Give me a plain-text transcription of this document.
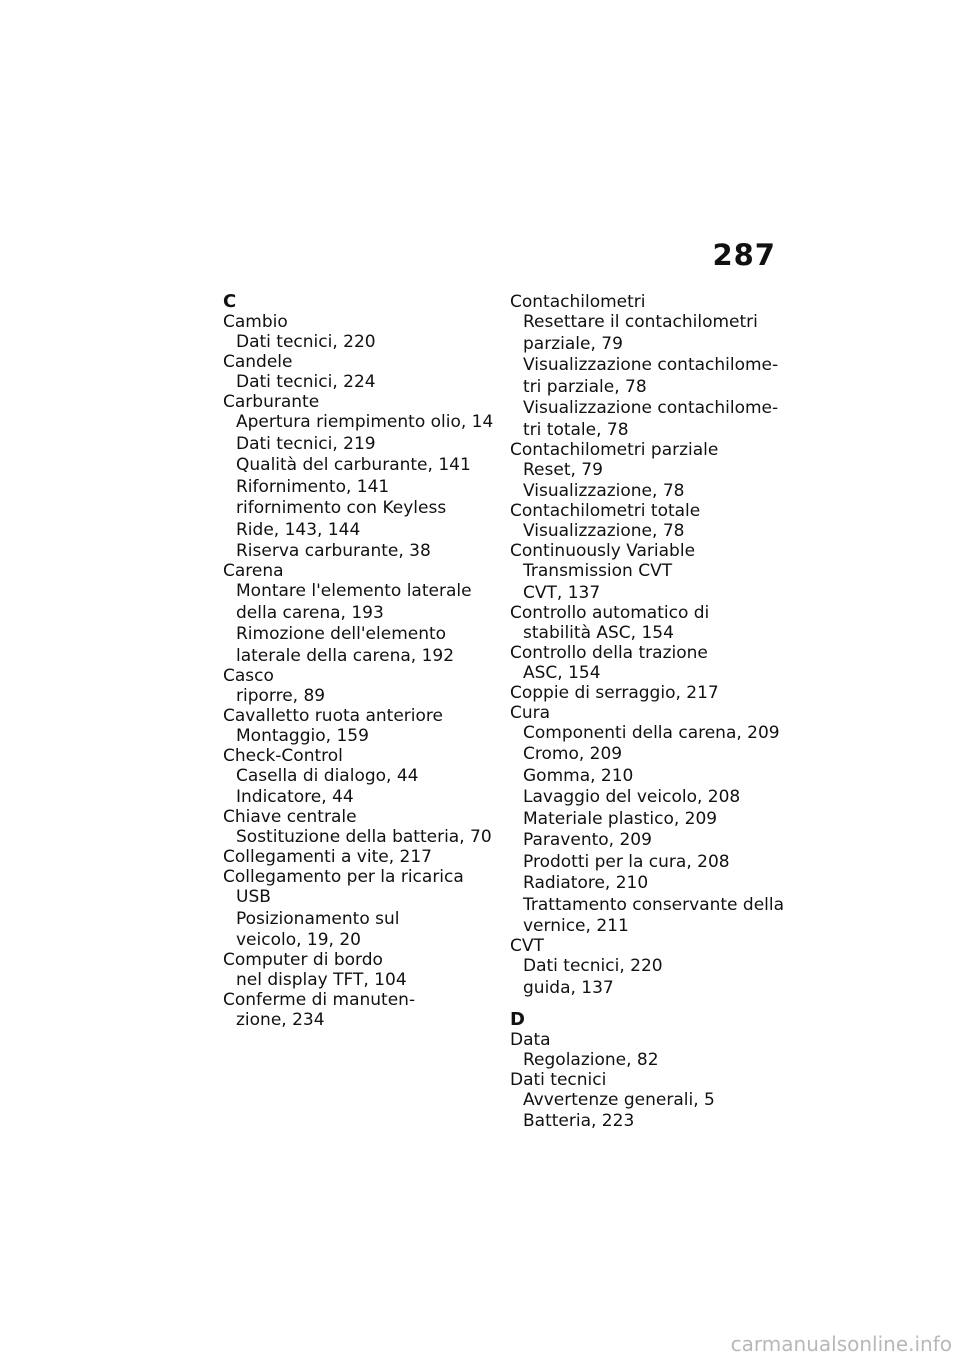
287
C
Cambio
Dati tecnici, 220
Candele
Dati tecnici, 224
Carburante
Apertura riempimento olio, 14
Dati tecnici, 219
Qualità del carburante, 141
Rifornimento, 141
rifornimento con Keyless
Ride, 143, 144
Riserva carburante, 38
Carena
Montare l'elemento laterale
della carena, 193
Rimozione dell'elemento
laterale della carena, 192
Casco
riporre, 89
Cavalletto ruota anteriore
Montaggio, 159
Check-Control
Casella di dialogo, 44
Indicatore, 44
Chiave centrale
Sostituzione della batteria, 70
Collegamenti a vite, 217
Collegamento per la ricarica
USB
Posizionamento sul
veicolo, 19, 20
Computer di bordo
nel display TFT, 104
Conferme di manuten-
zione, 234
Contachilometri
Resettare il contachilometri
parziale, 79
Visualizzazione contachilome-
tri parziale, 78
Visualizzazione contachilome-
tri totale, 78
Contachilometri parziale
Reset, 79
Visualizzazione, 78
Contachilometri totale
Visualizzazione, 78
Continuously Variable
Transmission CVT
CVT, 137
Controllo automatico di
stabilità ASC, 154
Controllo della trazione
ASC, 154
Coppie di serraggio, 217
Cura
Componenti della carena, 209
Cromo, 209
Gomma, 210
Lavaggio del veicolo, 208
Materiale plastico, 209
Paravento, 209
Prodotti per la cura, 208
Radiatore, 210
Trattamento conservante della
vernice, 211
CVT
Dati tecnici, 220
guida, 137
D
Data
Regolazione, 82
Dati tecnici
Avvertenze generali, 5
Batteria, 223
carmanualsonline.info
